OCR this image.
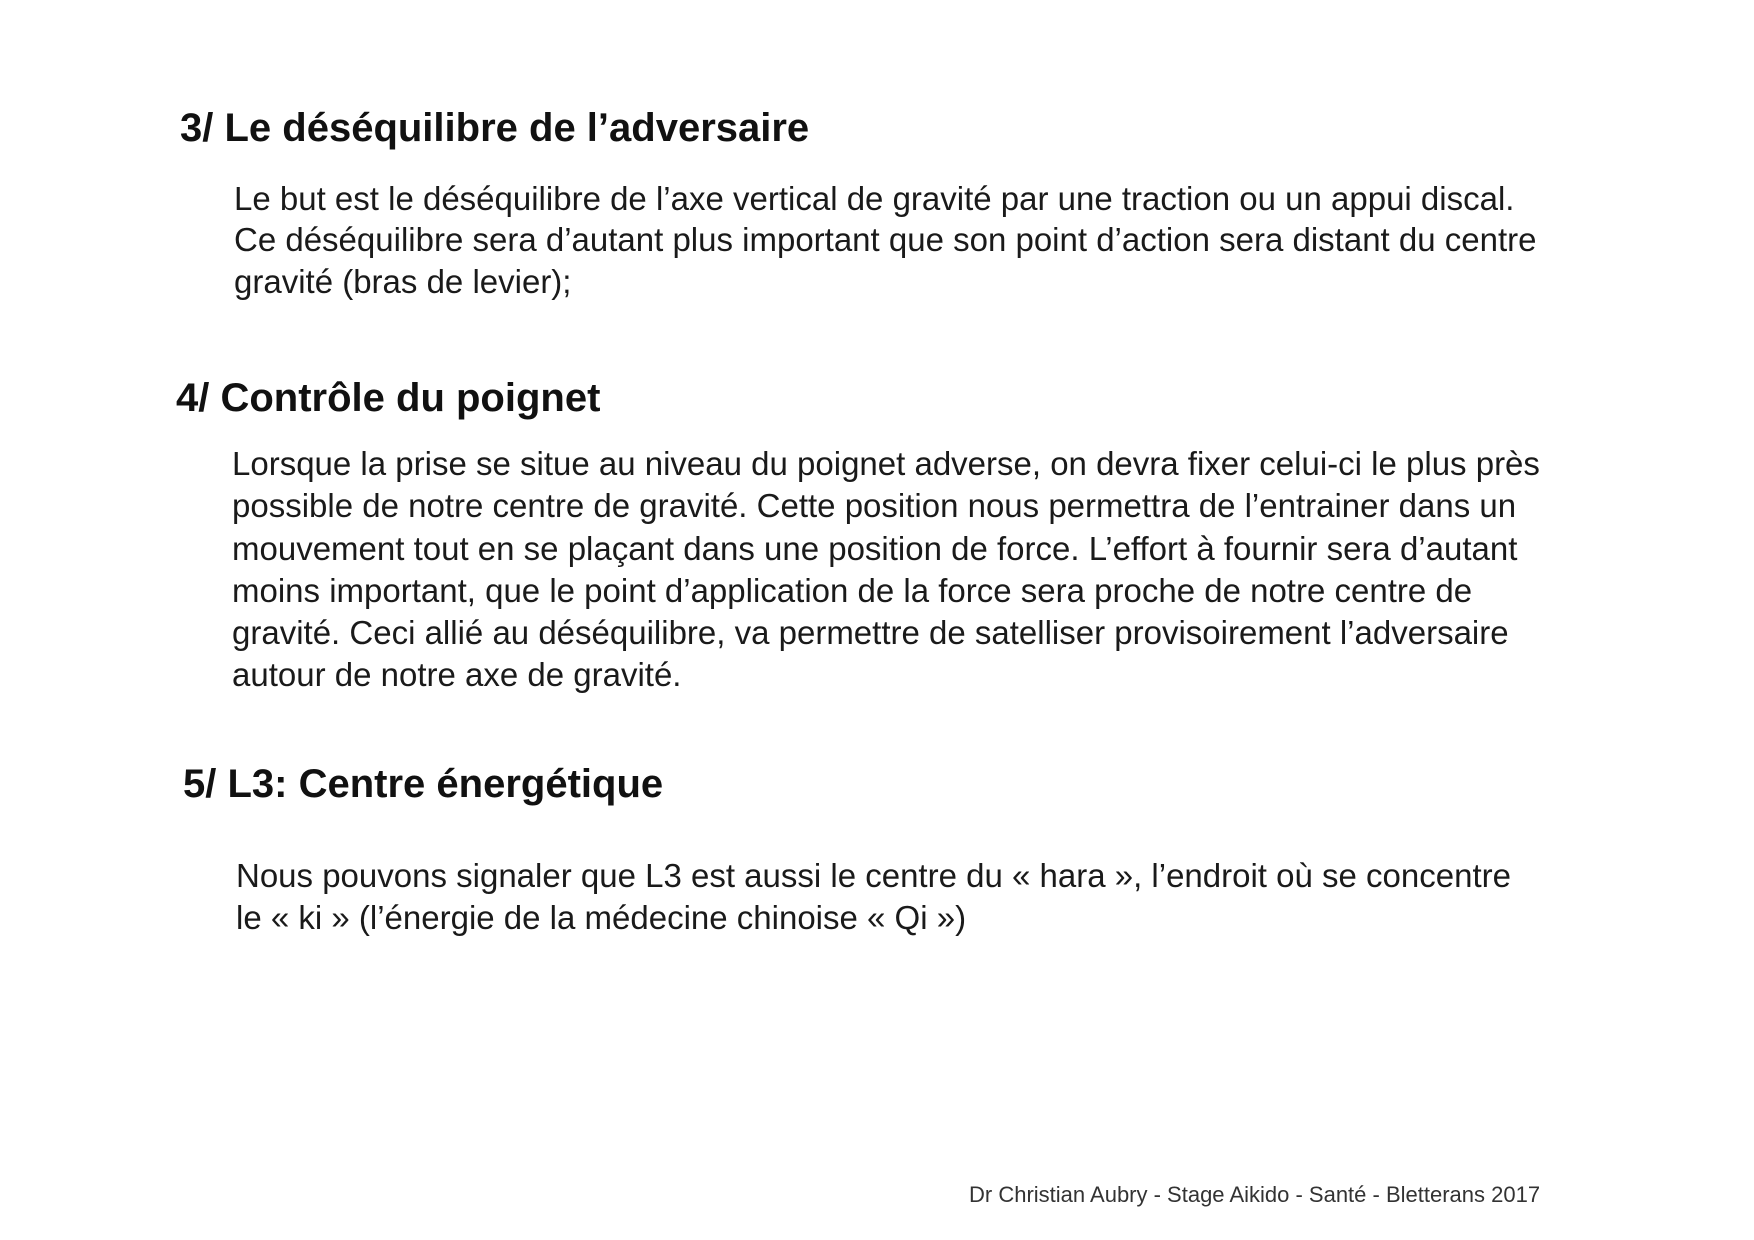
3/ Le déséquilibre de l’adversaire

Le but est le déséquilibre de l’axe vertical de gravité par une traction ou un appui discal.

Ce déséquilibre sera d’autant plus important que son point d’action sera distant du centre

gravité (bras de levier);

4/ Contrôle du poignet

Lorsque la prise se situe au niveau du poignet adverse, on devra fixer celui-ci le plus près

possible de notre centre de gravité. Cette position nous permettra de l’entrainer dans un

mouvement tout en se plaçant dans une position de force. L’effort à fournir sera d’autant

moins important, que le point d’application de la force sera proche de notre centre de

gravité. Ceci allié au déséquilibre, va permettre de satelliser provisoirement l’adversaire

autour de notre axe de gravité.

5/ L3: Centre énergétique

Nous pouvons signaler que L3 est aussi le centre du « hara », l’endroit où se concentre

le « ki » (l’énergie de la médecine chinoise « Qi »)

Dr Christian Aubry - Stage Aikido - Santé - Bletterans 2017
